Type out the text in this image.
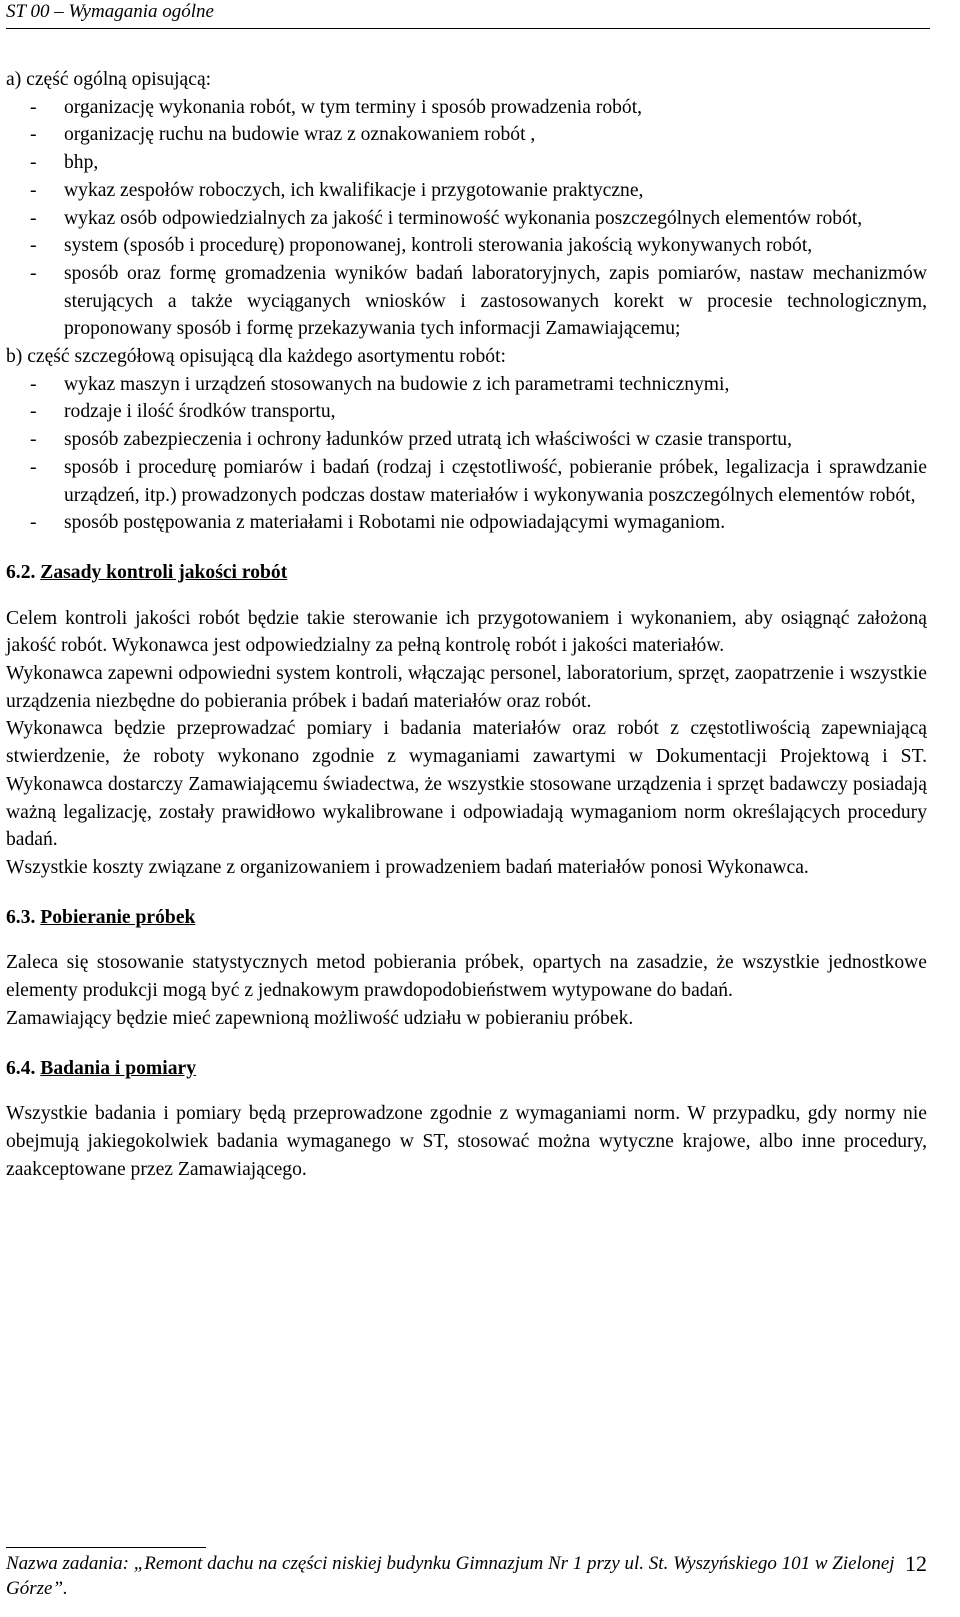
ST 00 – Wymagania ogólne

a) część ogólną opisującą:

- organizację wykonania robót, w tym terminy i sposób prowadzenia robót,
- organizację ruchu na budowie wraz z oznakowaniem robót ,
- bhp,
- wykaz zespołów roboczych, ich kwalifikacje i przygotowanie praktyczne,
- wykaz osób odpowiedzialnych za jakość i terminowość wykonania poszczególnych elementów robót,
- system (sposób i procedurę) proponowanej, kontroli sterowania jakością wykonywanych robót,
- sposób oraz formę gromadzenia wyników badań laboratoryjnych, zapis pomiarów, nastaw mechanizmów sterujących a także wyciąganych wniosków i zastosowanych korekt w procesie technologicznym, proponowany sposób i formę przekazywania tych informacji Zamawiającemu;

b) część szczegółową opisującą dla każdego asortymentu robót:

- wykaz maszyn i urządzeń stosowanych na budowie z ich parametrami technicznymi,
- rodzaje i ilość środków transportu,
- sposób zabezpieczenia i ochrony ładunków przed utratą ich właściwości w czasie transportu,
- sposób i procedurę pomiarów i badań (rodzaj i częstotliwość, pobieranie próbek, legalizacja i sprawdzanie urządzeń, itp.) prowadzonych podczas dostaw materiałów i wykonywania poszczególnych elementów robót,
- sposób postępowania z materiałami i Robotami nie odpowiadającymi wymaganiom.
6.2. Zasady kontroli jakości robót

Celem kontroli jakości robót będzie takie sterowanie ich przygotowaniem i wykonaniem, aby osiągnąć założoną jakość robót. Wykonawca jest odpowiedzialny za pełną kontrolę robót i jakości materiałów.

Wykonawca zapewni odpowiedni system kontroli, włączając personel, laboratorium, sprzęt, zaopatrzenie i wszystkie urządzenia niezbędne do pobierania próbek i badań materiałów oraz robót.

Wykonawca będzie przeprowadzać pomiary i badania materiałów oraz robót z częstotliwością zapewniającą stwierdzenie, że roboty wykonano zgodnie z wymaganiami zawartymi w Dokumentacji Projektową i ST. Wykonawca dostarczy Zamawiającemu świadectwa, że wszystkie stosowane urządzenia i sprzęt badawczy posiadają ważną legalizację, zostały prawidłowo wykalibrowane i odpowiadają wymaganiom norm określających procedury badań.

Wszystkie koszty związane z organizowaniem i prowadzeniem badań materiałów ponosi Wykonawca.

6.3. Pobieranie próbek

Zaleca się stosowanie statystycznych metod pobierania próbek, opartych na zasadzie, że wszystkie jednostkowe elementy produkcji mogą być z jednakowym prawdopodobieństwem wytypowane do badań.

Zamawiający będzie mieć zapewnioną możliwość udziału w pobieraniu próbek.

6.4. Badania i pomiary

Wszystkie badania i pomiary będą przeprowadzone zgodnie z wymaganiami norm. W przypadku, gdy normy nie obejmują jakiegokolwiek badania wymaganego w ST, stosować można wytyczne krajowe, albo inne procedury, zaakceptowane przez Zamawiającego.

Nazwa zadania: „Remont dachu na części niskiej budynku Gimnazjum Nr 1 przy ul. St. Wyszyńskiego 101 w Zielonej Górze”.
12
